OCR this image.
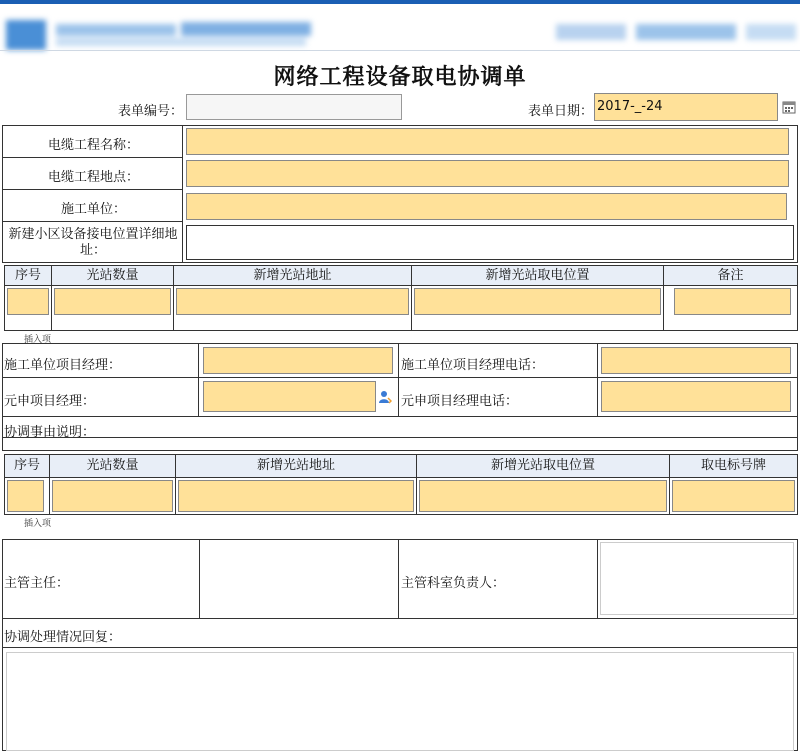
网络工程设备取电协调单
表单编号：	表单日期： 2017-_-24
电缆工程名称：
电缆工程地点：
施工单位：
新建小区设备接电位置详细地址：
序号	光站数量	新增光站地址	新增光站取电位置	备注
插入项
施工单位项目经理：	施工单位项目经理电话：
元申项目经理：	元申项目经理电话：
协调事由说明：
序号	光站数量	新增光站地址	新增光站取电位置	取电标号牌
插入项
主管主任：	主管科室负责人：
协调处理情况回复：
